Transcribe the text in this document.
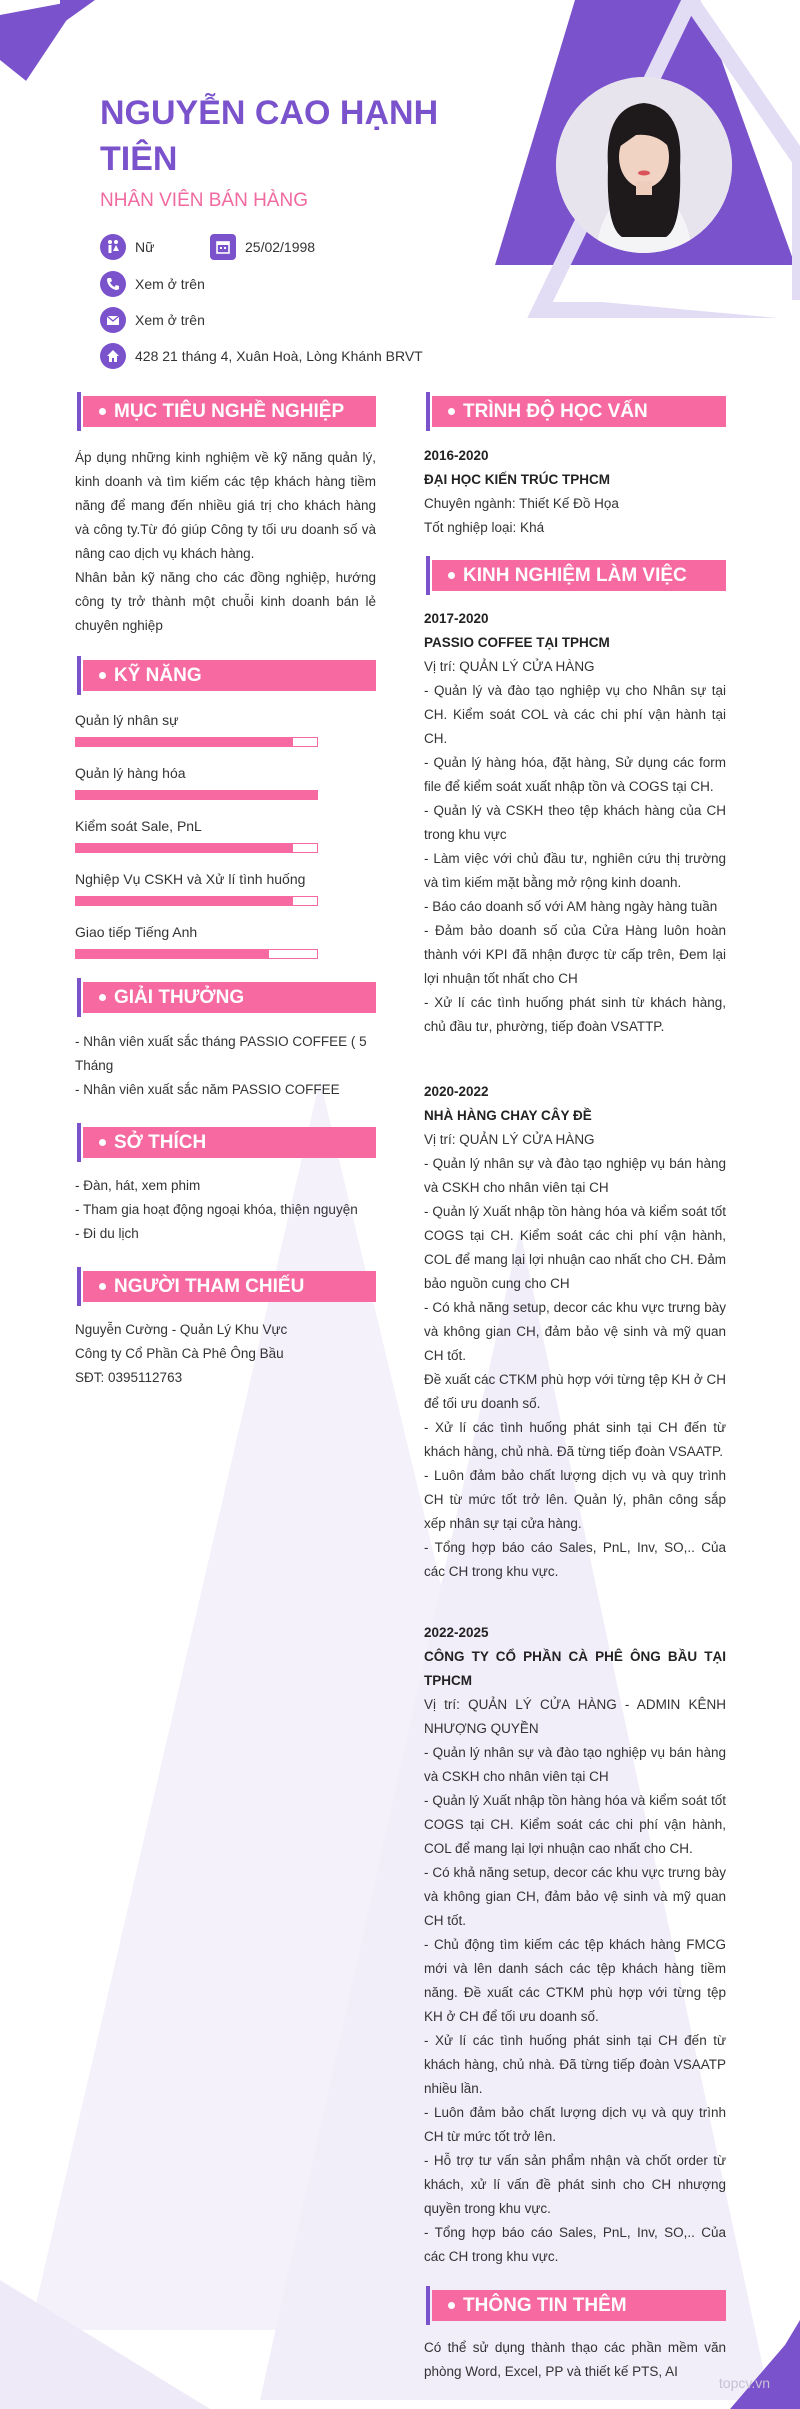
NGUYỄN CAO HẠNH TIÊN
NHÂN VIÊN BÁN HÀNG
Nữ	25/02/1998
Xem ở trên
Xem ở trên
428 21 tháng 4, Xuân Hoà, Lòng Khánh BRVT
MỤC TIÊU NGHỀ NGHIỆP

Áp dụng những kinh nghiệm về kỹ năng quản lý, kinh doanh và tìm kiếm các tệp khách hàng tiềm năng để mang đến nhiều giá trị cho khách hàng và công ty.Từ đó giúp Công ty tối ưu doanh số và nâng cao dịch vụ khách hàng.

Nhân bản kỹ năng cho các đồng nghiệp, hướng công ty trở thành một chuỗi kinh doanh bán lẻ chuyên nghiệp

KỸ NĂNG
Quản lý nhân sự
Quản lý hàng hóa
Kiểm soát Sale, PnL
Nghiệp Vụ CSKH và Xử lí tình huống
Giao tiếp Tiếng Anh
GIẢI THƯỞNG

- Nhân viên xuất sắc tháng PASSIO COFFEE ( 5 Tháng

- Nhân viên xuất sắc năm PASSIO COFFEE

SỞ THÍCH

- Đàn, hát, xem phim

- Tham gia hoạt động ngoại khóa, thiện nguyện

- Đi du lịch

NGƯỜI THAM CHIẾU

Nguyễn Cường - Quản Lý Khu Vực

Công ty Cổ Phần Cà Phê Ông Bầu

SĐT: 0395112763

TRÌNH ĐỘ HỌC VẤN

2016-2020

ĐẠI HỌC KIẾN TRÚC TPHCM

Chuyên ngành: Thiết Kế Đồ Họa

Tốt nghiệp loại: Khá

KINH NGHIỆM LÀM VIỆC

2017-2020

PASSIO COFFEE TẠI TPHCM

Vị trí: QUẢN LÝ CỬA HÀNG

- Quản lý và đào tạo nghiệp vụ cho Nhân sự tại CH. Kiểm soát COL và các chi phí vận hành tại CH.

- Quản lý hàng hóa, đặt hàng, Sử dụng các form file để kiểm soát xuất nhập tồn và COGS tại CH.

- Quản lý và CSKH theo tệp khách hàng của CH trong khu vực

- Làm việc với chủ đầu tư, nghiên cứu thị trường và tìm kiếm mặt bằng mở rộng kinh doanh.

- Báo cáo doanh số với AM hàng ngày hàng tuần

- Đảm bảo doanh số của Cửa Hàng luôn hoàn thành với KPI đã nhận được từ cấp trên, Đem lại lợi nhuận tốt nhất cho CH

- Xử lí các tình huống phát sinh từ khách hàng, chủ đầu tư, phường, tiếp đoàn VSATTP.

2020-2022

NHÀ HÀNG CHAY CÂY ĐỀ

Vị trí: QUẢN LÝ CỬA HÀNG

- Quản lý nhân sự và đào tạo nghiệp vụ bán hàng và CSKH cho nhân viên tại CH

- Quản lý Xuất nhập tồn hàng hóa và kiểm soát tốt COGS tại CH. Kiểm soát các chi phí vận hành, COL để mang lại lợi nhuận cao nhất cho CH. Đảm bảo nguồn cung cho CH

- Có khả năng setup, decor các khu vực trưng bày và không gian CH, đảm bảo vệ sinh và mỹ quan CH tốt.

Đề xuất các CTKM phù hợp với từng tệp KH ở CH để tối ưu doanh số.

- Xử lí các tình huống phát sinh tại CH đến từ khách hàng, chủ nhà. Đã từng tiếp đoàn VSAATP.

- Luôn đảm bảo chất lượng dịch vụ và quy trình CH từ mức tốt trở lên. Quản lý, phân công sắp xếp nhân sự tại cửa hàng.

- Tổng hợp báo cáo Sales, PnL, Inv, SO,.. Của các CH trong khu vực.

2022-2025

CÔNG TY CỔ PHẦN CÀ PHÊ ÔNG BẦU TẠI TPHCM

Vị trí: QUẢN LÝ CỬA HÀNG - ADMIN KÊNH NHƯỢNG QUYỀN

- Quản lý nhân sự và đào tạo nghiệp vụ bán hàng và CSKH cho nhân viên tại CH

- Quản lý Xuất nhập tồn hàng hóa và kiểm soát tốt COGS tại CH. Kiểm soát các chi phí vận hành, COL để mang lại lợi nhuận cao nhất cho CH.

- Có khả năng setup, decor các khu vực trưng bày và không gian CH, đảm bảo vệ sinh và mỹ quan CH tốt.

- Chủ động tìm kiếm các tệp khách hàng FMCG mới và lên danh sách các tệp khách hàng tiềm năng. Đề xuất các CTKM phù hợp với từng tệp KH ở CH để tối ưu doanh số.

- Xử lí các tình huống phát sinh tại CH đến từ khách hàng, chủ nhà. Đã từng tiếp đoàn VSAATP nhiều lần.

- Luôn đảm bảo chất lượng dịch vụ và quy trình CH từ mức tốt trở lên.

- Hỗ trợ tư vấn sản phẩm nhận và chốt order từ khách, xử lí vấn đề phát sinh cho CH nhượng quyền trong khu vực.

- Tổng hợp báo cáo Sales, PnL, Inv, SO,.. Của các CH trong khu vực.

THÔNG TIN THÊM

Có thể sử dụng thành thạo các phần mềm văn phòng Word, Excel, PP và thiết kế PTS, AI

topcv.vn
